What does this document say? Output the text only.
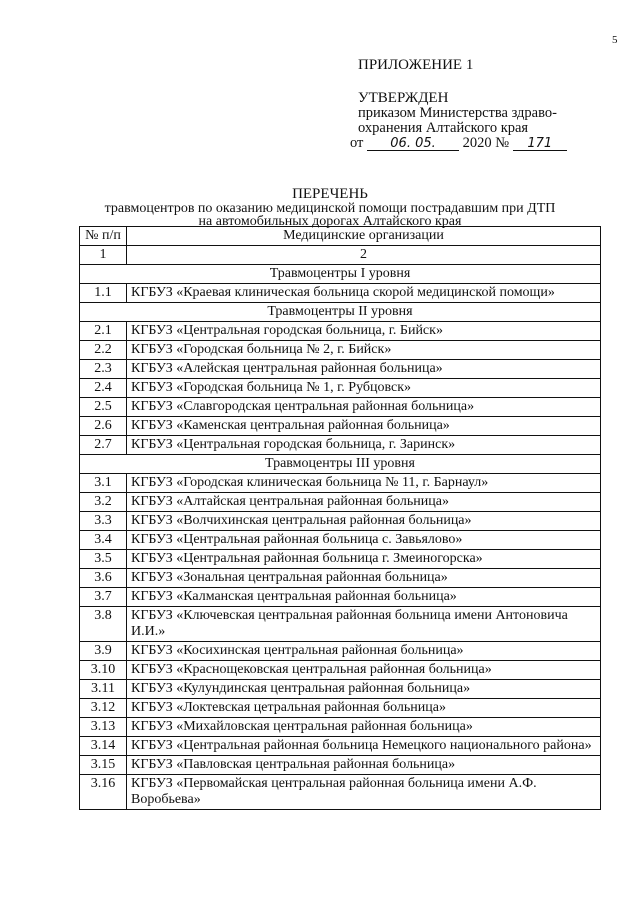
5
ПРИЛОЖЕНИЕ 1
УТВЕРЖДЕН
приказом Министерства здраво-
охранения Алтайского края
от 06. 05. 2020 № 171
ПЕРЕЧЕНЬ
травмоцентров по оказанию медицинской помощи пострадавшим при ДТП
на автомобильных дорогах Алтайского края
№ п/п	Медицинские организации
1	2
Травмоцентры I уровня	
1.1	КГБУЗ «Краевая клиническая больница скорой медицинской помощи»
Травмоцентры II уровня	
2.1	КГБУЗ «Центральная городская больница, г. Бийск»
2.2	КГБУЗ «Городская больница № 2, г. Бийск»
2.3	КГБУЗ «Алейская центральная районная больница»
2.4	КГБУЗ «Городская больница № 1, г. Рубцовск»
2.5	КГБУЗ «Славгородская центральная районная больница»
2.6	КГБУЗ «Каменская центральная районная больница»
2.7	КГБУЗ «Центральная городская больница, г. Заринск»
Травмоцентры III уровня	
3.1	КГБУЗ «Городская клиническая больница № 11, г. Барнаул»
3.2	КГБУЗ «Алтайская центральная районная больница»
3.3	КГБУЗ «Волчихинская центральная районная больница»
3.4	КГБУЗ «Центральная районная больница с. Завьялово»
3.5	КГБУЗ «Центральная районная больница г. Змеиногорска»
3.6	КГБУЗ «Зональная центральная районная больница»
3.7	КГБУЗ «Калманская центральная районная больница»
3.8	КГБУЗ «Ключевская центральная районная больница имени Антоновича И.И.»
3.9	КГБУЗ «Косихинская центральная районная больница»
3.10	КГБУЗ «Краснощековская центральная районная больница»
3.11	КГБУЗ «Кулундинская центральная районная больница»
3.12	КГБУЗ «Локтевская цетральная районная больница»
3.13	КГБУЗ «Михайловская центральная районная больница»
3.14	КГБУЗ «Центральная районная больница Немецкого национального района»
3.15	КГБУЗ «Павловская центральная районная больница»
3.16	КГБУЗ «Первомайская центральная районная больница имени А.Ф. Воробьева»
